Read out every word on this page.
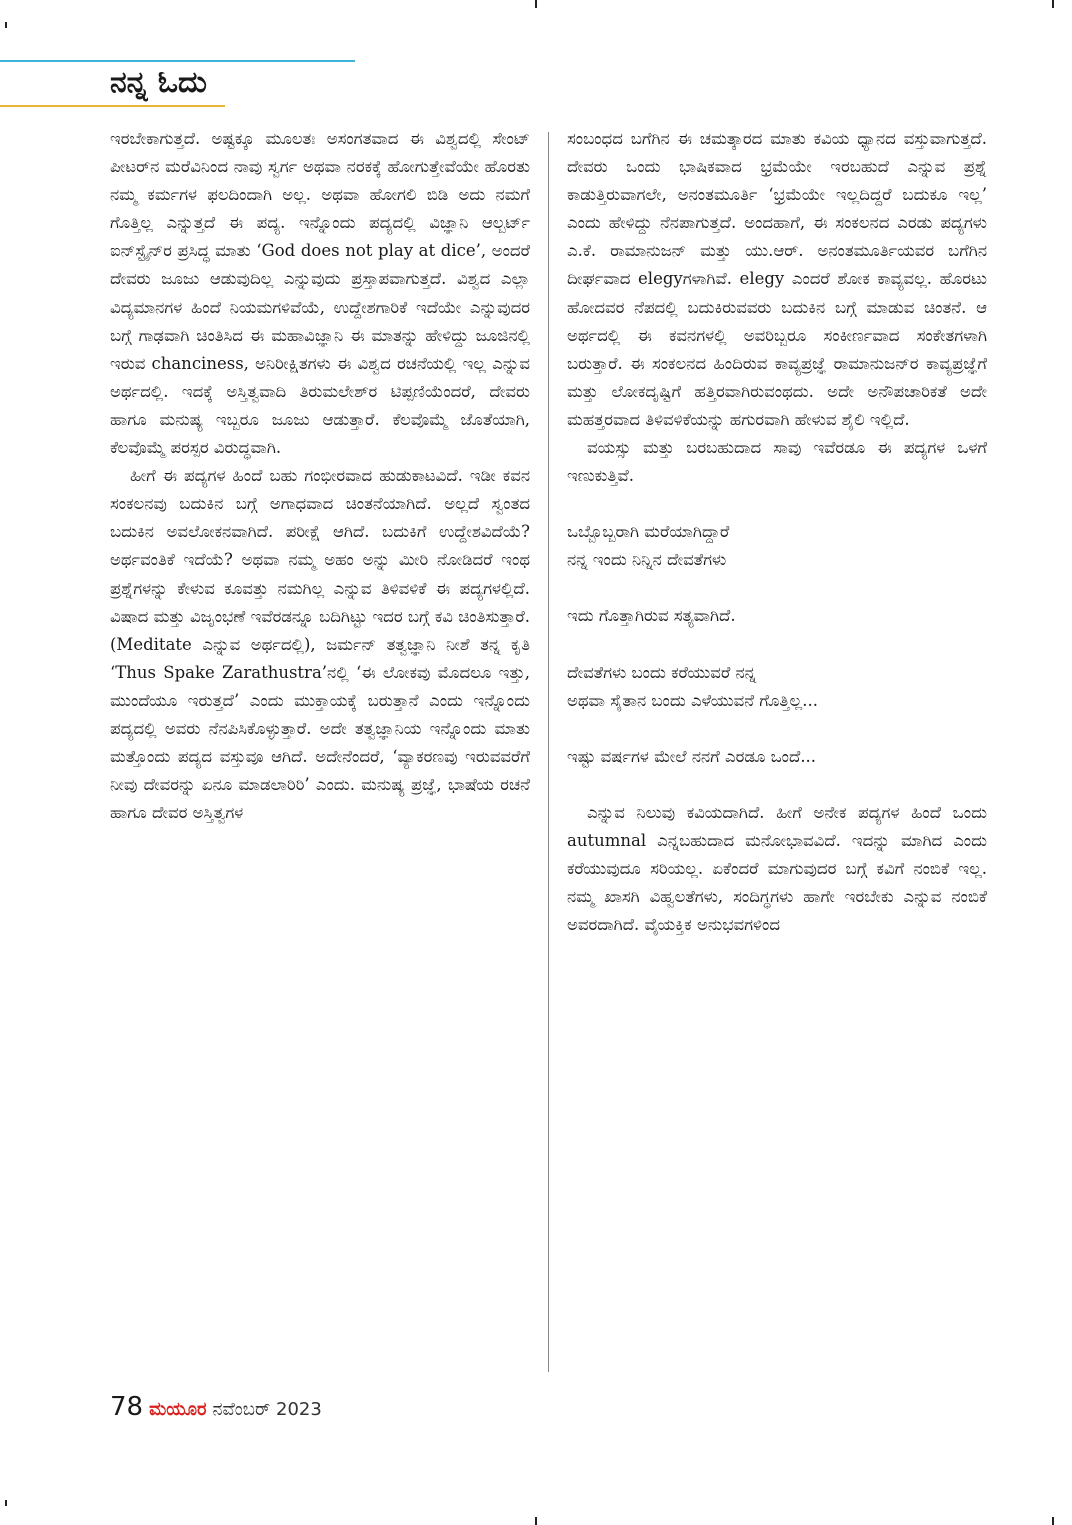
ನನ್ನ ಓದು

ಇರಬೇಕಾಗುತ್ತದೆ. ಅಷ್ಟಕ್ಕೂ ಮೂಲತಃ ಅಸಂಗತವಾದ ಈ ವಿಶ್ವದಲ್ಲಿ ಸೇಂಟ್ ಪೀಟರ್‌ನ ಮರೆವಿನಿಂದ ನಾವು ಸ್ವರ್ಗ ಅಥವಾ ನರಕಕ್ಕೆ ಹೋಗುತ್ತೇವೆಯೇ ಹೊರತು ನಮ್ಮ ಕರ್ಮಗಳ ಫಲದಿಂದಾಗಿ ಅಲ್ಲ. ಅಥವಾ ಹೋಗಲಿ ಬಿಡಿ ಅದು ನಮಗೆ ಗೊತ್ತಿಲ್ಲ ಎನ್ನುತ್ತದೆ ಈ ಪದ್ಯ. ಇನ್ನೊಂದು ಪದ್ಯದಲ್ಲಿ ವಿಜ್ಞಾನಿ ಆಲ್ಬರ್ಟ್ ಐನ್‌ಸ್ಟೈನ್‌ರ ಪ್ರಸಿದ್ಧ ಮಾತು ‘God does not play at dice’, ಅಂದರೆ ದೇವರು ಜೂಜು ಆಡುವುದಿಲ್ಲ ಎನ್ನುವುದು ಪ್ರಸ್ತಾಪವಾಗುತ್ತದೆ. ವಿಶ್ವದ ಎಲ್ಲಾ ವಿದ್ಯಮಾನಗಳ ಹಿಂದೆ ನಿಯಮಗಳಿವೆಯೆ, ಉದ್ದೇಶಗಾರಿಕೆ ಇದೆಯೇ ಎನ್ನುವುದರ ಬಗ್ಗೆ ಗಾಢವಾಗಿ ಚಿಂತಿಸಿದ ಈ ಮಹಾವಿಜ್ಞಾನಿ ಈ ಮಾತನ್ನು ಹೇಳಿದ್ದು ಜೂಜಿನಲ್ಲಿ ಇರುವ chanciness, ಅನಿರೀಕ್ಷಿತಗಳು ಈ ವಿಶ್ವದ ರಚನೆಯಲ್ಲಿ ಇಲ್ಲ ಎನ್ನುವ ಅರ್ಥದಲ್ಲಿ. ಇದಕ್ಕೆ ಅಸ್ತಿತ್ವವಾದಿ ತಿರುಮಲೇಶ್‌ರ ಟಿಪ್ಪಣಿಯೆಂದರೆ, ದೇವರು ಹಾಗೂ ಮನುಷ್ಯ ಇಬ್ಬರೂ ಜೂಜು ಆಡುತ್ತಾರೆ. ಕೆಲವೊಮ್ಮೆ ಜೊತೆಯಾಗಿ, ಕೆಲವೊಮ್ಮೆ ಪರಸ್ಪರ ವಿರುದ್ಧವಾಗಿ.

ಹೀಗೆ ಈ ಪದ್ಯಗಳ ಹಿಂದೆ ಬಹು ಗಂಭೀರವಾದ ಹುಡುಕಾಟವಿದೆ. ಇಡೀ ಕವನ ಸಂಕಲನವು ಬದುಕಿನ ಬಗ್ಗೆ ಅಗಾಧವಾದ ಚಿಂತನೆಯಾಗಿದೆ. ಅಲ್ಲದೆ ಸ್ವಂತದ ಬದುಕಿನ ಅವಲೋಕನವಾಗಿದೆ. ಪರೀಕ್ಷೆ ಆಗಿದೆ. ಬದುಕಿಗೆ ಉದ್ದೇಶವಿದೆಯೆ? ಅರ್ಥವಂತಿಕೆ ಇದೆಯೆ? ಅಥವಾ ನಮ್ಮ ಅಹಂ ಅನ್ನು ಮೀರಿ ನೋಡಿದರೆ ಇಂಥ ಪ್ರಶ್ನೆಗಳನ್ನು ಕೇಳುವ ಕೂವತ್ತು ನಮಗಿಲ್ಲ ಎನ್ನುವ ತಿಳಿವಳಿಕೆ ಈ ಪದ್ಯಗಳಲ್ಲಿದೆ. ವಿಷಾದ ಮತ್ತು ವಿಜೃಂಭಣೆ ಇವೆರಡನ್ನೂ ಬದಿಗಿಟ್ಟು ಇದರ ಬಗ್ಗೆ ಕವಿ ಚಿಂತಿಸುತ್ತಾರೆ. (Meditate ಎನ್ನುವ ಅರ್ಥದಲ್ಲಿ), ಜರ್ಮನ್ ತತ್ವಜ್ಞಾನಿ ನೀಶೆ ತನ್ನ ಕೃತಿ ‘Thus Spake Zarathustra’ನಲ್ಲಿ ‘ಈ ಲೋಕವು ಮೊದಲೂ ಇತ್ತು, ಮುಂದೆಯೂ ಇರುತ್ತದೆ’ ಎಂದು ಮುಕ್ತಾಯಕ್ಕೆ ಬರುತ್ತಾನೆ ಎಂದು ಇನ್ನೊಂದು ಪದ್ಯದಲ್ಲಿ ಅವರು ನೆನಪಿಸಿಕೊಳ್ಳುತ್ತಾರೆ. ಅದೇ ತತ್ವಜ್ಞಾನಿಯ ಇನ್ನೊಂದು ಮಾತು ಮತ್ತೊಂದು ಪದ್ಯದ ವಸ್ತುವೂ ಆಗಿದೆ. ಅದೇನೆಂದರೆ, ‘ವ್ಯಾಕರಣವು ಇರುವವರೆಗೆ ನೀವು ದೇವರನ್ನು ಏನೂ ಮಾಡಲಾರಿರಿ’ ಎಂದು. ಮನುಷ್ಯ ಪ್ರಜ್ಞೆ, ಭಾಷೆಯ ರಚನೆ ಹಾಗೂ ದೇವರ ಅಸ್ತಿತ್ವಗಳ

ಸಂಬಂಧದ ಬಗೆಗಿನ ಈ ಚಮತ್ಕಾರದ ಮಾತು ಕವಿಯ ಧ್ಯಾನದ ವಸ್ತುವಾಗುತ್ತದೆ. ದೇವರು ಒಂದು ಭಾಷಿಕವಾದ ಭ್ರಮೆಯೇ ಇರಬಹುದೆ ಎನ್ನುವ ಪ್ರಶ್ನೆ ಕಾಡುತ್ತಿರುವಾಗಲೇ, ಅನಂತಮೂರ್ತಿ ‘ಭ್ರಮೆಯೇ ಇಲ್ಲದಿದ್ದರೆ ಬದುಕೂ ಇಲ್ಲ’ ಎಂದು ಹೇಳಿದ್ದು ನೆನಪಾಗುತ್ತದೆ. ಅಂದಹಾಗೆ, ಈ ಸಂಕಲನದ ಎರಡು ಪದ್ಯಗಳು ಎ.ಕೆ. ರಾಮಾನುಜನ್ ಮತ್ತು ಯು.ಆರ್. ಅನಂತಮೂರ್ತಿಯವರ ಬಗೆಗಿನ ದೀರ್ಘವಾದ elegyಗಳಾಗಿವೆ. elegy ಎಂದರೆ ಶೋಕ ಕಾವ್ಯವಲ್ಲ. ಹೊರಟು ಹೋದವರ ನೆಪದಲ್ಲಿ ಬದುಕಿರುವವರು ಬದುಕಿನ ಬಗ್ಗೆ ಮಾಡುವ ಚಿಂತನೆ. ಆ ಅರ್ಥದಲ್ಲಿ ಈ ಕವನಗಳಲ್ಲಿ ಅವರಿಬ್ಬರೂ ಸಂಕೀರ್ಣವಾದ ಸಂಕೇತಗಳಾಗಿ ಬರುತ್ತಾರೆ. ಈ ಸಂಕಲನದ ಹಿಂದಿರುವ ಕಾವ್ಯಪ್ರಜ್ಞೆ ರಾಮಾನುಜನ್‌ರ ಕಾವ್ಯಪ್ರಜ್ಞೆಗೆ ಮತ್ತು ಲೋಕದೃಷ್ಟಿಗೆ ಹತ್ತಿರವಾಗಿರುವಂಥದು. ಅದೇ ಅನೌಪಚಾರಿಕತೆ ಅದೇ ಮಹತ್ತರವಾದ ತಿಳಿವಳಿಕೆಯನ್ನು ಹಗುರವಾಗಿ ಹೇಳುವ ಶೈಲಿ ಇಲ್ಲಿದೆ.

ವಯಸ್ಸು ಮತ್ತು ಬರಬಹುದಾದ ಸಾವು ಇವೆರಡೂ ಈ ಪದ್ಯಗಳ ಒಳಗೆ ಇಣುಕುತ್ತಿವೆ.

ಒಬ್ಬೊಬ್ಬರಾಗಿ ಮರೆಯಾಗಿದ್ದಾರೆ
ನನ್ನ ಇಂದು ನಿನ್ನಿನ ದೇವತೆಗಳು
ಇದು ಗೊತ್ತಾಗಿರುವ ಸತ್ಯವಾಗಿದೆ.
ದೇವತೆಗಳು ಬಂದು ಕರೆಯುವರೆ ನನ್ನ
ಅಥವಾ ಸೈತಾನ ಬಂದು ಎಳೆಯುವನೆ ಗೊತ್ತಿಲ್ಲ...
ಇಷ್ಟು ವರ್ಷಗಳ ಮೇಲೆ ನನಗೆ ಎರಡೂ ಒಂದೆ...

ಎನ್ನುವ ನಿಲುವು ಕವಿಯದಾಗಿದೆ. ಹೀಗೆ ಅನೇಕ ಪದ್ಯಗಳ ಹಿಂದೆ ಒಂದು autumnal ಎನ್ನಬಹುದಾದ ಮನೋಭಾವವಿದೆ. ಇದನ್ನು ಮಾಗಿದ ಎಂದು ಕರೆಯುವುದೂ ಸರಿಯಲ್ಲ. ಏಕೆಂದರೆ ಮಾಗುವುದರ ಬಗ್ಗೆ ಕವಿಗೆ ನಂಬಿಕೆ ಇಲ್ಲ. ನಮ್ಮ ಖಾಸಗಿ ವಿಹ್ವಲತೆಗಳು, ಸಂದಿಗ್ಧಗಳು ಹಾಗೇ ಇರಬೇಕು ಎನ್ನುವ ನಂಬಿಕೆ ಅವರದಾಗಿದೆ. ವೈಯಕ್ತಿಕ ಅನುಭವಗಳಿಂದ

78 ಮಯೂರ ನವೆಂಬರ್ 2023
